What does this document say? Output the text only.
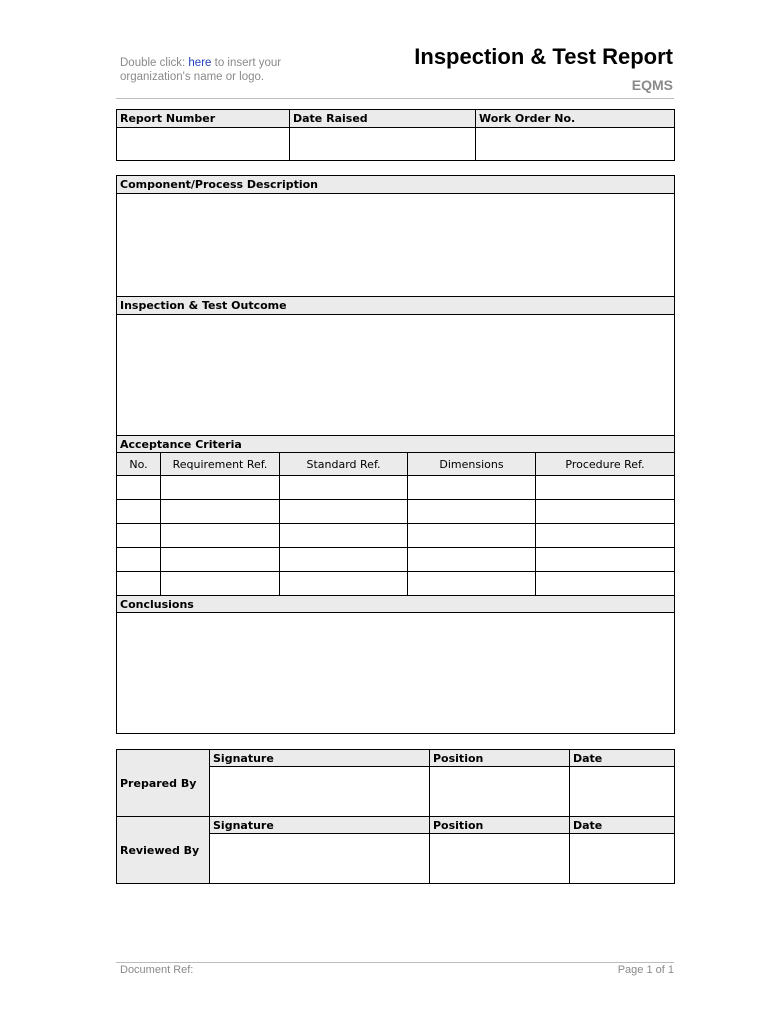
Double click: here to insert your
organization's name or logo.
Inspection & Test Report
EQMS
Report Number	Date Raised	Work Order No.

Component/Process Description				

Inspection & Test Outcome				

Acceptance Criteria				
No.	Requirement Ref.	Standard Ref.	Dimensions	Procedure Ref.

Conclusions				

Prepared By	Signature	Position	Date

Reviewed By	Signature	Position	Date

Document Ref:	Page 1 of 1
